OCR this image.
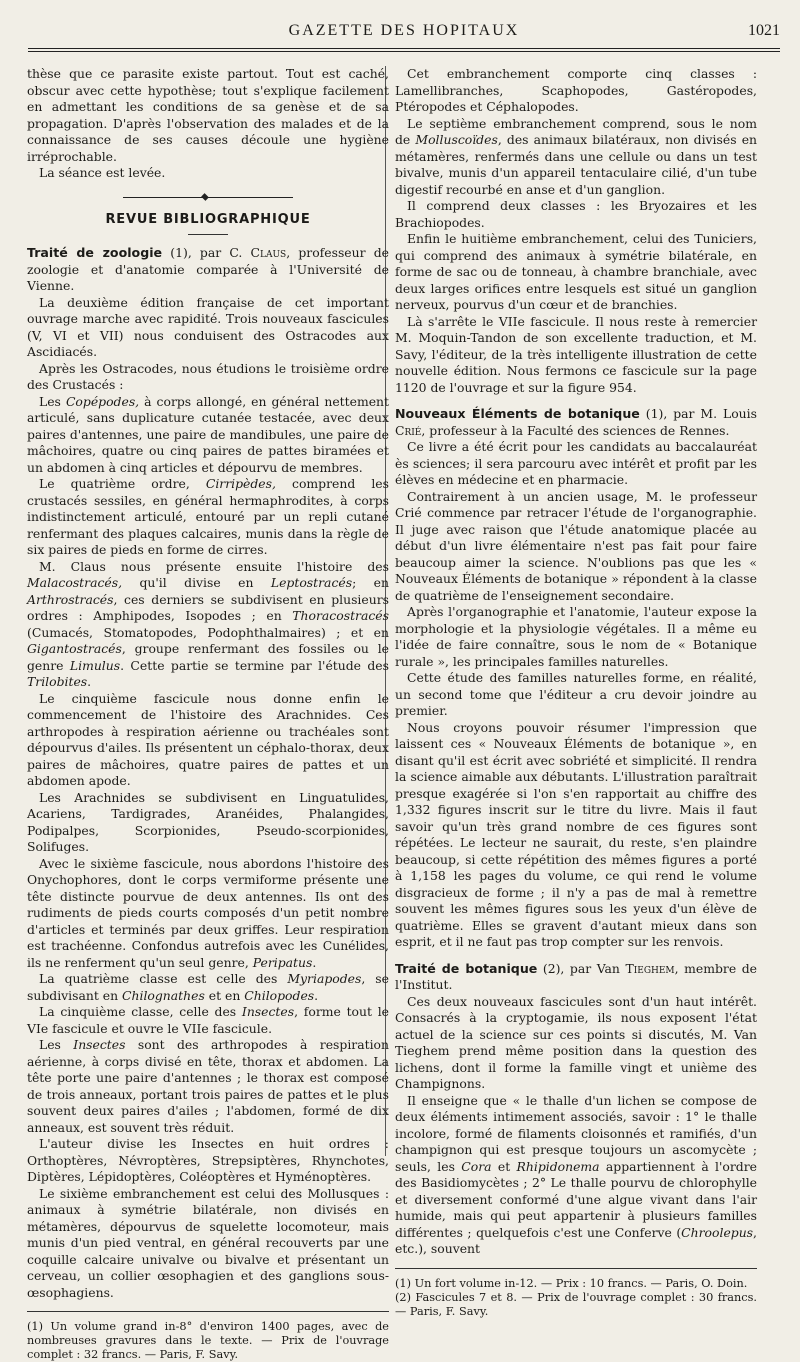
GAZETTE DES HOPITAUX	1021

thèse que ce parasite existe partout. Tout est caché, obscur avec cette hypothèse; tout s'explique facilement en admettant les conditions de sa genèse et de sa propagation. D'après l'observation des malades et de la connaissance de ses causes découle une hygiène irréprochable.

La séance est levée.

REVUE BIBLIOGRAPHIQUE

Traité de zoologie (1), par C. Claus, professeur de zoologie et d'anatomie comparée à l'Université de Vienne.

La deuxième édition française de cet important ouvrage marche avec rapidité. Trois nouveaux fascicules (V, VI et VII) nous conduisent des Ostracodes aux Ascidiacés.

Après les Ostracodes, nous étudions le troisième ordre des Crustacés :

Les Copépodes, à corps allongé, en général nettement articulé, sans duplicature cutanée testacée, avec deux paires d'antennes, une paire de mandibules, une paire de mâchoires, quatre ou cinq paires de pattes biramées et un abdomen à cinq articles et dépourvu de membres.

Le quatrième ordre, Cirripèdes, comprend les crustacés sessiles, en général hermaphrodites, à corps indistinctement articulé, entouré par un repli cutané renfermant des plaques calcaires, munis dans la règle de six paires de pieds en forme de cirres.

M. Claus nous présente ensuite l'histoire des Malacostracés, qu'il divise en Leptostracés; en Arthrostracés, ces derniers se subdivisent en plusieurs ordres : Amphipodes, Isopodes ; en Thoracostracés (Cumacés, Stomatopodes, Podophthalmaires) ; et en Gigantostracés, groupe renfermant des fossiles ou le genre Limulus. Cette partie se termine par l'étude des Trilobites.

Le cinquième fascicule nous donne enfin le commencement de l'histoire des Arachnides. Ces arthropodes à respiration aérienne ou trachéales sont dépourvus d'ailes. Ils présentent un céphalo-thorax, deux paires de mâchoires, quatre paires de pattes et un abdomen apode.

Les Arachnides se subdivisent en Linguatulides, Acariens, Tardigrades, Aranéides, Phalangides, Podipalpes, Scorpionides, Pseudo-scorpionides, Solifuges.

Avec le sixième fascicule, nous abordons l'histoire des Onychophores, dont le corps vermiforme présente une tête distincte pourvue de deux antennes. Ils ont des rudiments de pieds courts composés d'un petit nombre d'articles et terminés par deux griffes. Leur respiration est trachéenne. Confondus autrefois avec les Cunélides, ils ne renferment qu'un seul genre, Peripatus.

La quatrième classe est celle des Myriapodes, se subdivisant en Chilognathes et en Chilopodes.

La cinquième classe, celle des Insectes, forme tout le VIe fascicule et ouvre le VIIe fascicule.

Les Insectes sont des arthropodes à respiration aérienne, à corps divisé en tête, thorax et abdomen. La tête porte une paire d'antennes ; le thorax est composé de trois anneaux, portant trois paires de pattes et le plus souvent deux paires d'ailes ; l'abdomen, formé de dix anneaux, est souvent très réduit.

L'auteur divise les Insectes en huit ordres : Orthoptères, Névroptères, Strepsiptères, Rhynchotes, Diptères, Lépidoptères, Coléoptères et Hyménoptères.

Le sixième embranchement est celui des Mollusques : animaux à symétrie bilatérale, non divisés en métamères, dépourvus de squelette locomoteur, mais munis d'un pied ventral, en général recouverts par une coquille calcaire univalve ou bivalve et présentant un cerveau, un collier œsophagien et des ganglions sous-œsophagiens.

(1) Un volume grand in-8° d'environ 1400 pages, avec de nombreuses gravures dans le texte. — Prix de l'ouvrage complet : 32 francs. — Paris, F. Savy.

Cet embranchement comporte cinq classes : Lamellibranches, Scaphopodes, Gastéropodes, Ptéropodes et Céphalopodes.

Le septième embranchement comprend, sous le nom de Molluscoïdes, des animaux bilatéraux, non divisés en métamères, renfermés dans une cellule ou dans un test bivalve, munis d'un appareil tentaculaire cilié, d'un tube digestif recourbé en anse et d'un ganglion.

Il comprend deux classes : les Bryozaires et les Brachiopodes.

Enfin le huitième embranchement, celui des Tuniciers, qui comprend des animaux à symétrie bilatérale, en forme de sac ou de tonneau, à chambre branchiale, avec deux larges orifices entre lesquels est situé un ganglion nerveux, pourvus d'un cœur et de branchies.

Là s'arrête le VIIe fascicule. Il nous reste à remercier M. Moquin-Tandon de son excellente traduction, et M. Savy, l'éditeur, de la très intelligente illustration de cette nouvelle édition. Nous fermons ce fascicule sur la page 1120 de l'ouvrage et sur la figure 954.

Nouveaux Éléments de botanique (1), par M. Louis Crié, professeur à la Faculté des sciences de Rennes.

Ce livre a été écrit pour les candidats au baccalauréat ès sciences; il sera parcouru avec intérêt et profit par les élèves en médecine et en pharmacie.

Contrairement à un ancien usage, M. le professeur Crié commence par retracer l'étude de l'organographie. Il juge avec raison que l'étude anatomique placée au début d'un livre élémentaire n'est pas fait pour faire beaucoup aimer la science. N'oublions pas que les « Nouveaux Éléments de botanique » répondent à la classe de quatrième de l'enseignement secondaire.

Après l'organographie et l'anatomie, l'auteur expose la morphologie et la physiologie végétales. Il a même eu l'idée de faire connaître, sous le nom de « Botanique rurale », les principales familles naturelles.

Cette étude des familles naturelles forme, en réalité, un second tome que l'éditeur a cru devoir joindre au premier.

Nous croyons pouvoir résumer l'impression que laissent ces « Nouveaux Éléments de botanique », en disant qu'il est écrit avec sobriété et simplicité. Il rendra la science aimable aux débutants. L'illustration paraîtrait presque exagérée si l'on s'en rapportait au chiffre des 1,332 figures inscrit sur le titre du livre. Mais il faut savoir qu'un très grand nombre de ces figures sont répétées. Le lecteur ne saurait, du reste, s'en plaindre beaucoup, si cette répétition des mêmes figures a porté à 1,158 les pages du volume, ce qui rend le volume disgracieux de forme ; il n'y a pas de mal à remettre souvent les mêmes figures sous les yeux d'un élève de quatrième. Elles se gravent d'autant mieux dans son esprit, et il ne faut pas trop compter sur les renvois.

Traité de botanique (2), par Van Tieghem, membre de l'Institut.

Ces deux nouveaux fascicules sont d'un haut intérêt. Consacrés à la cryptogamie, ils nous exposent l'état actuel de la science sur ces points si discutés, M. Van Tieghem prend même position dans la question des lichens, dont il forme la famille vingt et unième des Champignons.

Il enseigne que « le thalle d'un lichen se compose de deux éléments intimement associés, savoir : 1° le thalle incolore, formé de filaments cloisonnés et ramifiés, d'un champignon qui est presque toujours un ascomycète ; seuls, les Cora et Rhipidonema appartiennent à l'ordre des Basidiomycètes ; 2° Le thalle pourvu de chlorophylle et diversement conformé d'une algue vivant dans l'air humide, mais qui peut appartenir à plusieurs familles différentes ; quelquefois c'est une Conferve (Chroolepus, etc.), souvent

(1) Un fort volume in-12. — Prix : 10 francs. — Paris, O. Doin.

(2) Fascicules 7 et 8. — Prix de l'ouvrage complet : 30 francs. — Paris, F. Savy.
